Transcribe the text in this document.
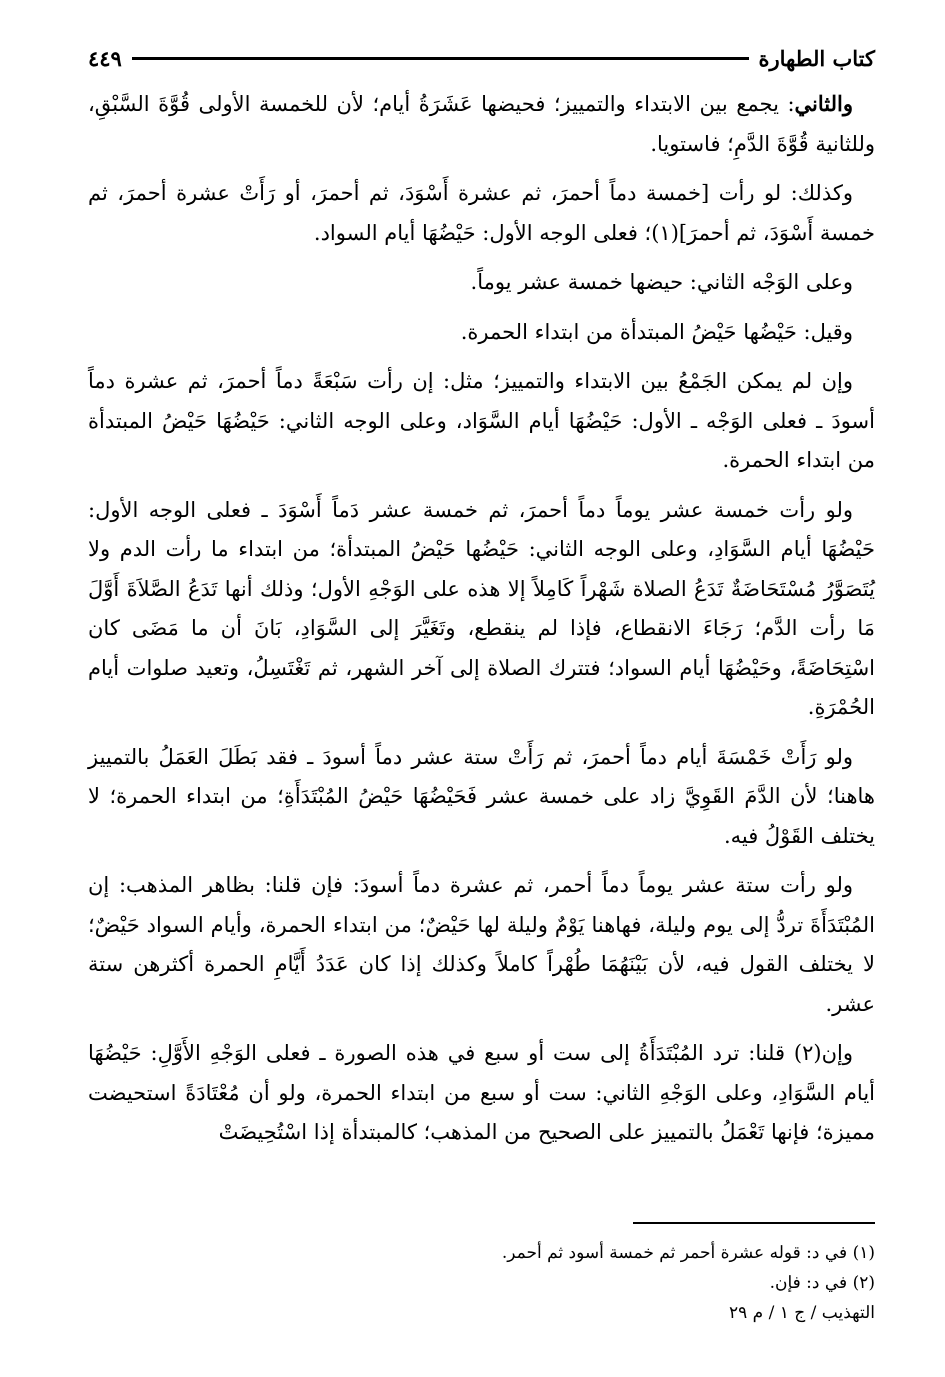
كتاب الطهارة
٤٤٩

والثاني: يجمع بين الابتداء والتمييز؛ فحيضها عَشَرَةُ أيام؛ لأن للخمسة الأولى قُوَّةَ السَّبْقِ، وللثانية قُوَّةَ الدَّمِ؛ فاستويا.

وكذلك: لو رأت [خمسة دماً أحمرَ، ثم عشرة أَسْوَدَ، ثم أحمرَ، أو رَأَتْ عشرة أحمرَ، ثم خمسة أَسْوَدَ، ثم أحمرَ](١)؛ فعلى الوجه الأول: حَيْضُهَا أيام السواد.

وعلى الوَجْه الثاني: حيضها خمسة عشر يوماً.

وقيل: حَيْضُها حَيْضُ المبتدأة من ابتداء الحمرة.

وإن لم يمكن الجَمْعُ بين الابتداء والتمييز؛ مثل: إن رأت سَبْعَةً دماً أحمرَ، ثم عشرة دماً أسودَ ـ فعلى الوَجْه ـ الأول: حَيْضُهَا أيام السَّوَاد، وعلى الوجه الثاني: حَيْضُهَا حَيْضُ المبتدأة من ابتداء الحمرة.

ولو رأت خمسة عشر يوماً دماً أحمرَ، ثم خمسة عشر دَماً أَسْوَدَ ـ فعلى الوجه الأول: حَيْضُهَا أيام السَّوَادِ، وعلى الوجه الثاني: حَيْضُها حَيْضُ المبتدأة؛ من ابتداء ما رأت الدم ولا يُتَصَوَّرُ مُسْتَحَاضَةٌ تَدَعُ الصلاة شَهْراً كَامِلاً إلا هذه على الوَجْهِ الأول؛ وذلك أنها تَدَعُ الصَّلاَةَ أَوَّلَ مَا رأت الدَّم؛ رَجَاءَ الانقطاع، فإذا لم ينقطع، وتَغَيَّرَ إلى السَّوَادِ، بَانَ أن ما مَضَى كان اسْتِحَاضَةً، وحَيْضُهَا أيام السواد؛ فتترك الصلاة إلى آخر الشهر، ثم تَغْتَسِلُ، وتعيد صلوات أيام الحُمْرَةِ.

ولو رَأَتْ خَمْسَةَ أيام دماً أحمرَ، ثم رَأَتْ ستة عشر دماً أسودَ ـ فقد بَطَلَ العَمَلُ بالتمييز هاهنا؛ لأن الدَّمَ القَوِيَّ زاد على خمسة عشر فَحَيْضُهَا حَيْضُ المُبْتَدَأَةِ؛ من ابتداء الحمرة؛ لا يختلف القَوْلُ فيه.

ولو رأت ستة عشر يوماً دماً أحمر، ثم عشرة دماً أسودَ: فإن قلنا: بظاهر المذهب: إن المُبْتَدَأَةَ تردُّ إلى يوم وليلة، فهاهنا يَوْمٌ وليلة لها حَيْضٌ؛ من ابتداء الحمرة، وأيام السواد حَيْضٌ؛ لا يختلف القول فيه، لأن بَيْنَهُمَا طُهْراً كاملاً وكذلك إذا كان عَدَدُ أَيَّامِ الحمرة أكثرهن ستة عشر.

وإن(٢) قلنا: ترد المُبْتَدَأَةُ إلى ست أو سبع في هذه الصورة ـ فعلى الوَجْهِ الأَوَّلِ: حَيْضُهَا أيام السَّوَادِ، وعلى الوَجْهِ الثاني: ست أو سبع من ابتداء الحمرة، ولو أن مُعْتَادَةً استحيضت مميزة؛ فإنها تَعْمَلُ بالتمييز على الصحيح من المذهب؛ كالمبتدأة إذا اسْتُحِيضَتْ

(١) في د: قوله عشرة أحمر ثم خمسة أسود ثم أحمر.

(٢) في د: فإن.

التهذيب / ج ١ / م ٢٩
